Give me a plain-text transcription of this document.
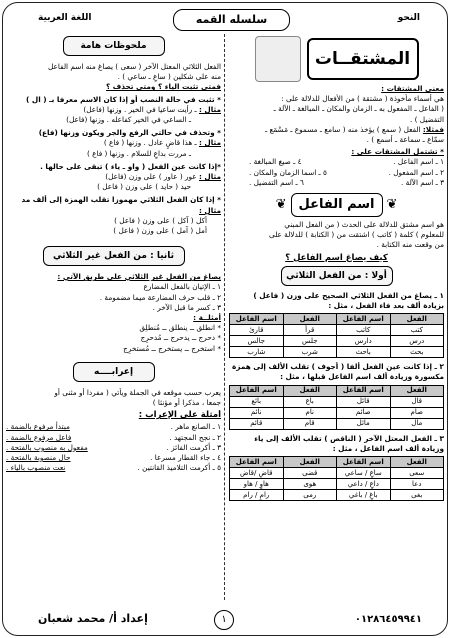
النحو
سلسله القمه
اللغة العربية
المشتقــات

معنى المشتقات :

هي أسماء مأخوذة ( مشتقة ) من الأفعال للدلالة على :

( الفاعل ـ المفعول به ـ الزمان والمكان ـ المبالغة ـ الآلة ـ

التفضيل ) .

فمثلا: الفعل ( سمع ) يؤخذ منه ( سامع ـ مسموع ـ مَسْمَع ـ

سمّاع ـ سماعة ـ أسمع ) .

* تشتمل المشتقات على :

١ ـ اسم الفاعل .
٤ ـ صيغ المبالغة .
٢ ـ اسم المفعول .
٥ ـ اسما الزمان والمكان .
٣ ـ اسم الآلة .
٦ ـ اسم التفضيل .
❦
اسم الفاعل
❦

هو اسم مشتق للدلالة على الحدث ( من الفعل المبني

للمعلوم ) كلمة ( كاتب ) اشتقت من ( الكتابة ) للدلالة على

من وقعت منه الكتابة .

كيف يصاغ اسم الفاعل ؟

أولا : من الفعل الثلاثي

١ ـ يصاغ من الفعل الثلاثي الصحيح على وزن ( فاعل )

بزيادة ألف بعد فاء الفعل ، مثل :

الفعل	اسم الفاعل	الفعل	اسم الفاعل
كتب	كاتب	قرأ	قارئ
درس	دارس	جلس	جالس
بحث	باحث	شرب	شارب

٢ ـ إذا كانت عين الفعل ألفا ( أجوف ) تقلب الألف إلى همزة

مكسورة وزيادة ألف اسم الفاعل قبلها ، مثل :

الفعل	اسم الفاعل	الفعل	اسم الفاعل
قال	قائل	باع	بائع
صام	صائم	نام	نائم
مال	مائل	قام	قائم

٣ ـ الفعل المعتل الآخر ( الناقص ) تقلب الألف إلى ياء

وزيادة ألف اسم الفاعل ، مثل :

الفعل	اسم الفاعل	الفعل	اسم الفاعل
سعى	ساعٍ / ساعي	قضى	قاضٍ /قاض
دعا	داعٍ / داعي	هوى	هاوٍ / هاو
بغى	باغٍ / باغي	رمى	رامٍ / رام
ملحوظات هامة

الفعل الثلاثي المعتل الآخر ( سعى ) يصاغ منه اسم الفاعل

منه على شكلين ( ساعٍ ـ ساعي ) .

فمتى تثبت الياء ؟ ومتى تحذف ؟

* تثبت في حالة النصب أو إذا كان الاسم معرفا بـ ( ال )

مثال : ـ رأيت ساعيا في الخير . وزنها (فاعل)

ـ الساعي في الخير كفاعله . وزنها (فاعل)

* وتحذف في حالتي الرفع والجر ويكون وزنها (فاع)

مثال : ـ هذا قاضٍ عادل . وزنها ( فاع )

ـ مررت بداعٍ للسلام . وزنها ( فاع )

*إذا كانت عين الفعل ( واو ـ ياء ) تبقى على حالها .

مثال : عور ( عاور ) على وزن (فاعل)

حيد ( حايد ) على وزن ( فاعل )

* إذا كان الفعل الثلاثي مهموزا تقلب الهمزة إلى ألف مد

مثال :

أكل ( آكل ) على وزن ( فاعل )

أمل ( آمل ) على وزن ( فاعل )

ثانيا : من الفعل غير الثلاثي

يصاغ من الفعل غير الثلاثي على طريق الآتي :

١ ـ الإتيان بالفعل المضارع

٢ ـ قلب حرف المضارعة ميما مضمومة .

٣ ـ كسر ما قبل الآخر .

أمثلــة :

* انطلق ــ ينطلق ــ مُنطلِق

* دحرج ــ يدحرج ــ مُدحرِج

* استخرج ــ يستخرج ــ مُستخرِج

إعرابــــه

يعرب حسب موقعه في الجملة ويأتي ( مفردا أو مثنى أو

جمعا ، مذكرا أو مؤنثا )

أمثلة على الإعراب :

١ ـ الصانع ماهر .
مبتدأ مرفوع بالضمة .
٢ ـ نجح المجتهد .
فاعل مرفوع بالضمة .
٣ ـ أكرمت الفائز .
مفعول به منصوب بالفتحة .
٤ ـ جاء القطار مسرعا .
حال منصوبة بالفتحة .
٥ ـ أكرمت التلاميذ القانتين .
نعت منصوب بالياء .
٠١٢٨٦٤٥٩٩٤١
١
إعداد أ/ محمد شعبان
